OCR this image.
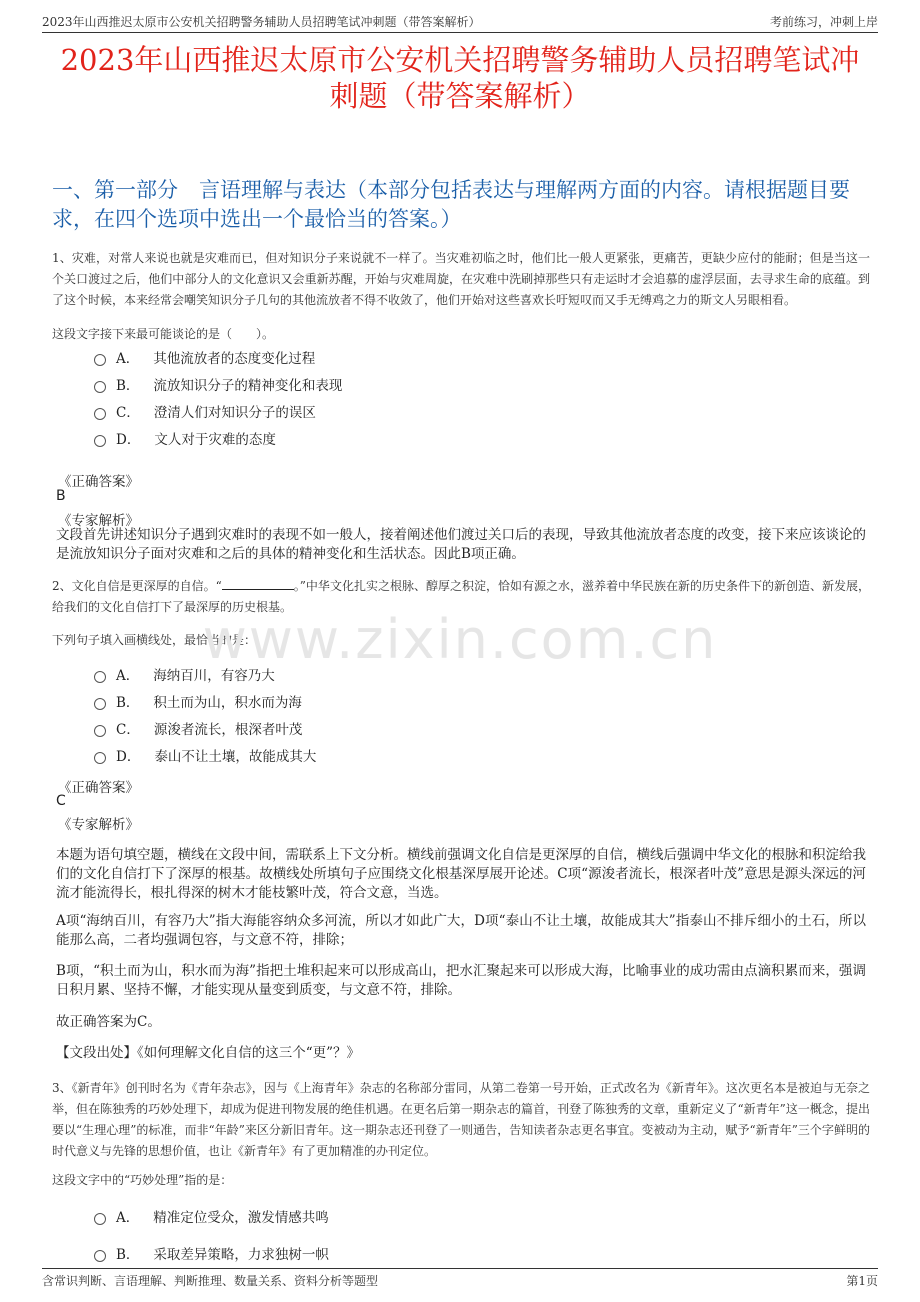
2023年山西推迟太原市公安机关招聘警务辅助人员招聘笔试冲刺题（带答案解析）	考前练习，冲刺上岸
2023年山西推迟太原市公安机关招聘警务辅助人员招聘笔试冲刺题（带答案解析）
一、第一部分　言语理解与表达（本部分包括表达与理解两方面的内容。请根据题目要求，在四个选项中选出一个最恰当的答案。）
1、灾难，对常人来说也就是灾难而已，但对知识分子来说就不一样了。当灾难初临之时，他们比一般人更紧张，更痛苦，更缺少应付的能耐；但是当这一个关口渡过之后，他们中部分人的文化意识又会重新苏醒，开始与灾难周旋，在灾难中洗刷掉那些只有走运时才会追慕的虚浮层面，去寻求生命的底蕴。到了这个时候，本来经常会嘲笑知识分子几句的其他流放者不得不收敛了，他们开始对这些喜欢长吁短叹而又手无缚鸡之力的斯文人另眼相看。
这段文字接下来最可能谈论的是（　　）。
A． 其他流放者的态度变化过程
B． 流放知识分子的精神变化和表现
C． 澄清人们对知识分子的误区
D． 文人对于灾难的态度
《正确答案》
B
《专家解析》
文段首先讲述知识分子遇到灾难时的表现不如一般人，接着阐述他们渡过关口后的表现，导致其他流放者态度的改变，接下来应该谈论的是流放知识分子面对灾难和之后的具体的精神变化和生活状态。因此B项正确。
2、文化自信是更深厚的自信。“	。”中华文化扎实之根脉、醇厚之积淀，恰如有源之水，滋养着中华民族在新的历史条件下的新创造、新发展，给我们的文化自信打下了最深厚的历史根基。
下列句子填入画横线处，最恰当的是：
www.zixin.com.cn
A． 海纳百川，有容乃大
B． 积土而为山，积水而为海
C． 源浚者流长，根深者叶茂
D． 泰山不让土壤，故能成其大
《正确答案》
C
《专家解析》
本题为语句填空题，横线在文段中间，需联系上下文分析。横线前强调文化自信是更深厚的自信，横线后强调中华文化的根脉和积淀给我们的文化自信打下了深厚的根基。故横线处所填句子应围绕文化根基深厚展开论述。C项“源浚者流长，根深者叶茂”意思是源头深远的河流才能流得长，根扎得深的树木才能枝繁叶茂，符合文意，当选。
A项“海纳百川，有容乃大”指大海能容纳众多河流，所以才如此广大，D项“泰山不让土壤，故能成其大”指泰山不排斥细小的土石，所以能那么高，二者均强调包容，与文意不符，排除；
B项，“积土而为山，积水而为海”指把土堆积起来可以形成高山，把水汇聚起来可以形成大海，比喻事业的成功需由点滴积累而来，强调日积月累、坚持不懈，才能实现从量变到质变，与文意不符，排除。
故正确答案为C。
【文段出处】《如何理解文化自信的这三个“更”？》
3、《新青年》创刊时名为《青年杂志》，因与《上海青年》杂志的名称部分雷同，从第二卷第一号开始，正式改名为《新青年》。这次更名本是被迫与无奈之举，但在陈独秀的巧妙处理下，却成为促进刊物发展的绝佳机遇。在更名后第一期杂志的篇首，刊登了陈独秀的文章，重新定义了“新青年”这一概念，提出要以“生理心理”的标准，而非“年龄”来区分新旧青年。这一期杂志还刊登了一则通告，告知读者杂志更名事宜。变被动为主动，赋予“新青年”三个字鲜明的时代意义与先锋的思想价值，也让《新青年》有了更加精准的办刊定位。
这段文字中的“巧妙处理”指的是：
A． 精准定位受众，激发情感共鸣
B． 采取差异策略，力求独树一帜
含常识判断、言语理解、判断推理、数量关系、资料分析等题型	第1页
